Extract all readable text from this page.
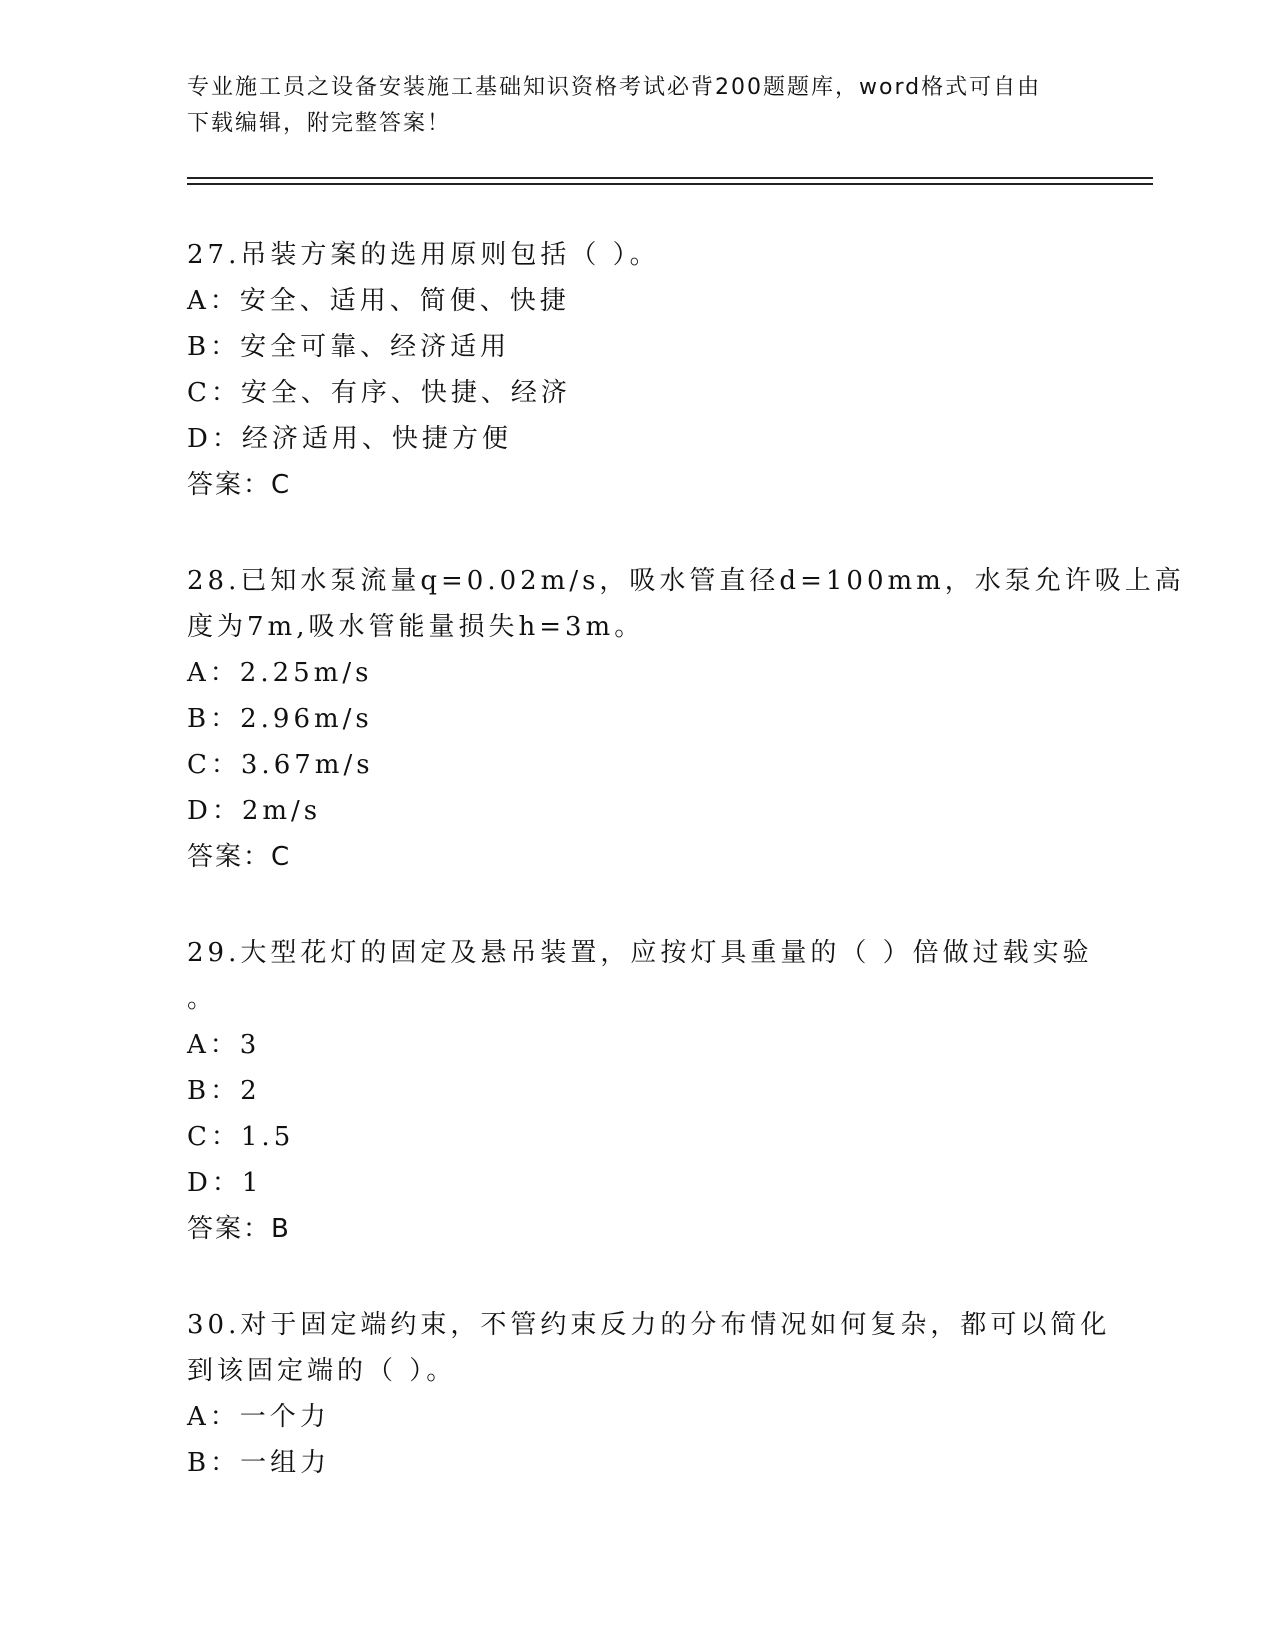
专业施工员之设备安装施工基础知识资格考试必背200题题库，word格式可自由
下载编辑，附完整答案！
27.吊装方案的选用原则包括（ ）。
A：安全、适用、简便、快捷
B：安全可靠、经济适用
C：安全、有序、快捷、经济
D：经济适用、快捷方便
答案：C
28.已知水泵流量q=0.02m/s，吸水管直径d=100mm，水泵允许吸上高
度为7m,吸水管能量损失h=3m。
A：2.25m/s
B：2.96m/s
C：3.67m/s
D：2m/s
答案：C
29.大型花灯的固定及悬吊装置，应按灯具重量的（ ）倍做过载实验
。
A：3
B：2
C：1.5
D：1
答案：B
30.对于固定端约束，不管约束反力的分布情况如何复杂，都可以简化
到该固定端的（ ）。
A：一个力
B：一组力
